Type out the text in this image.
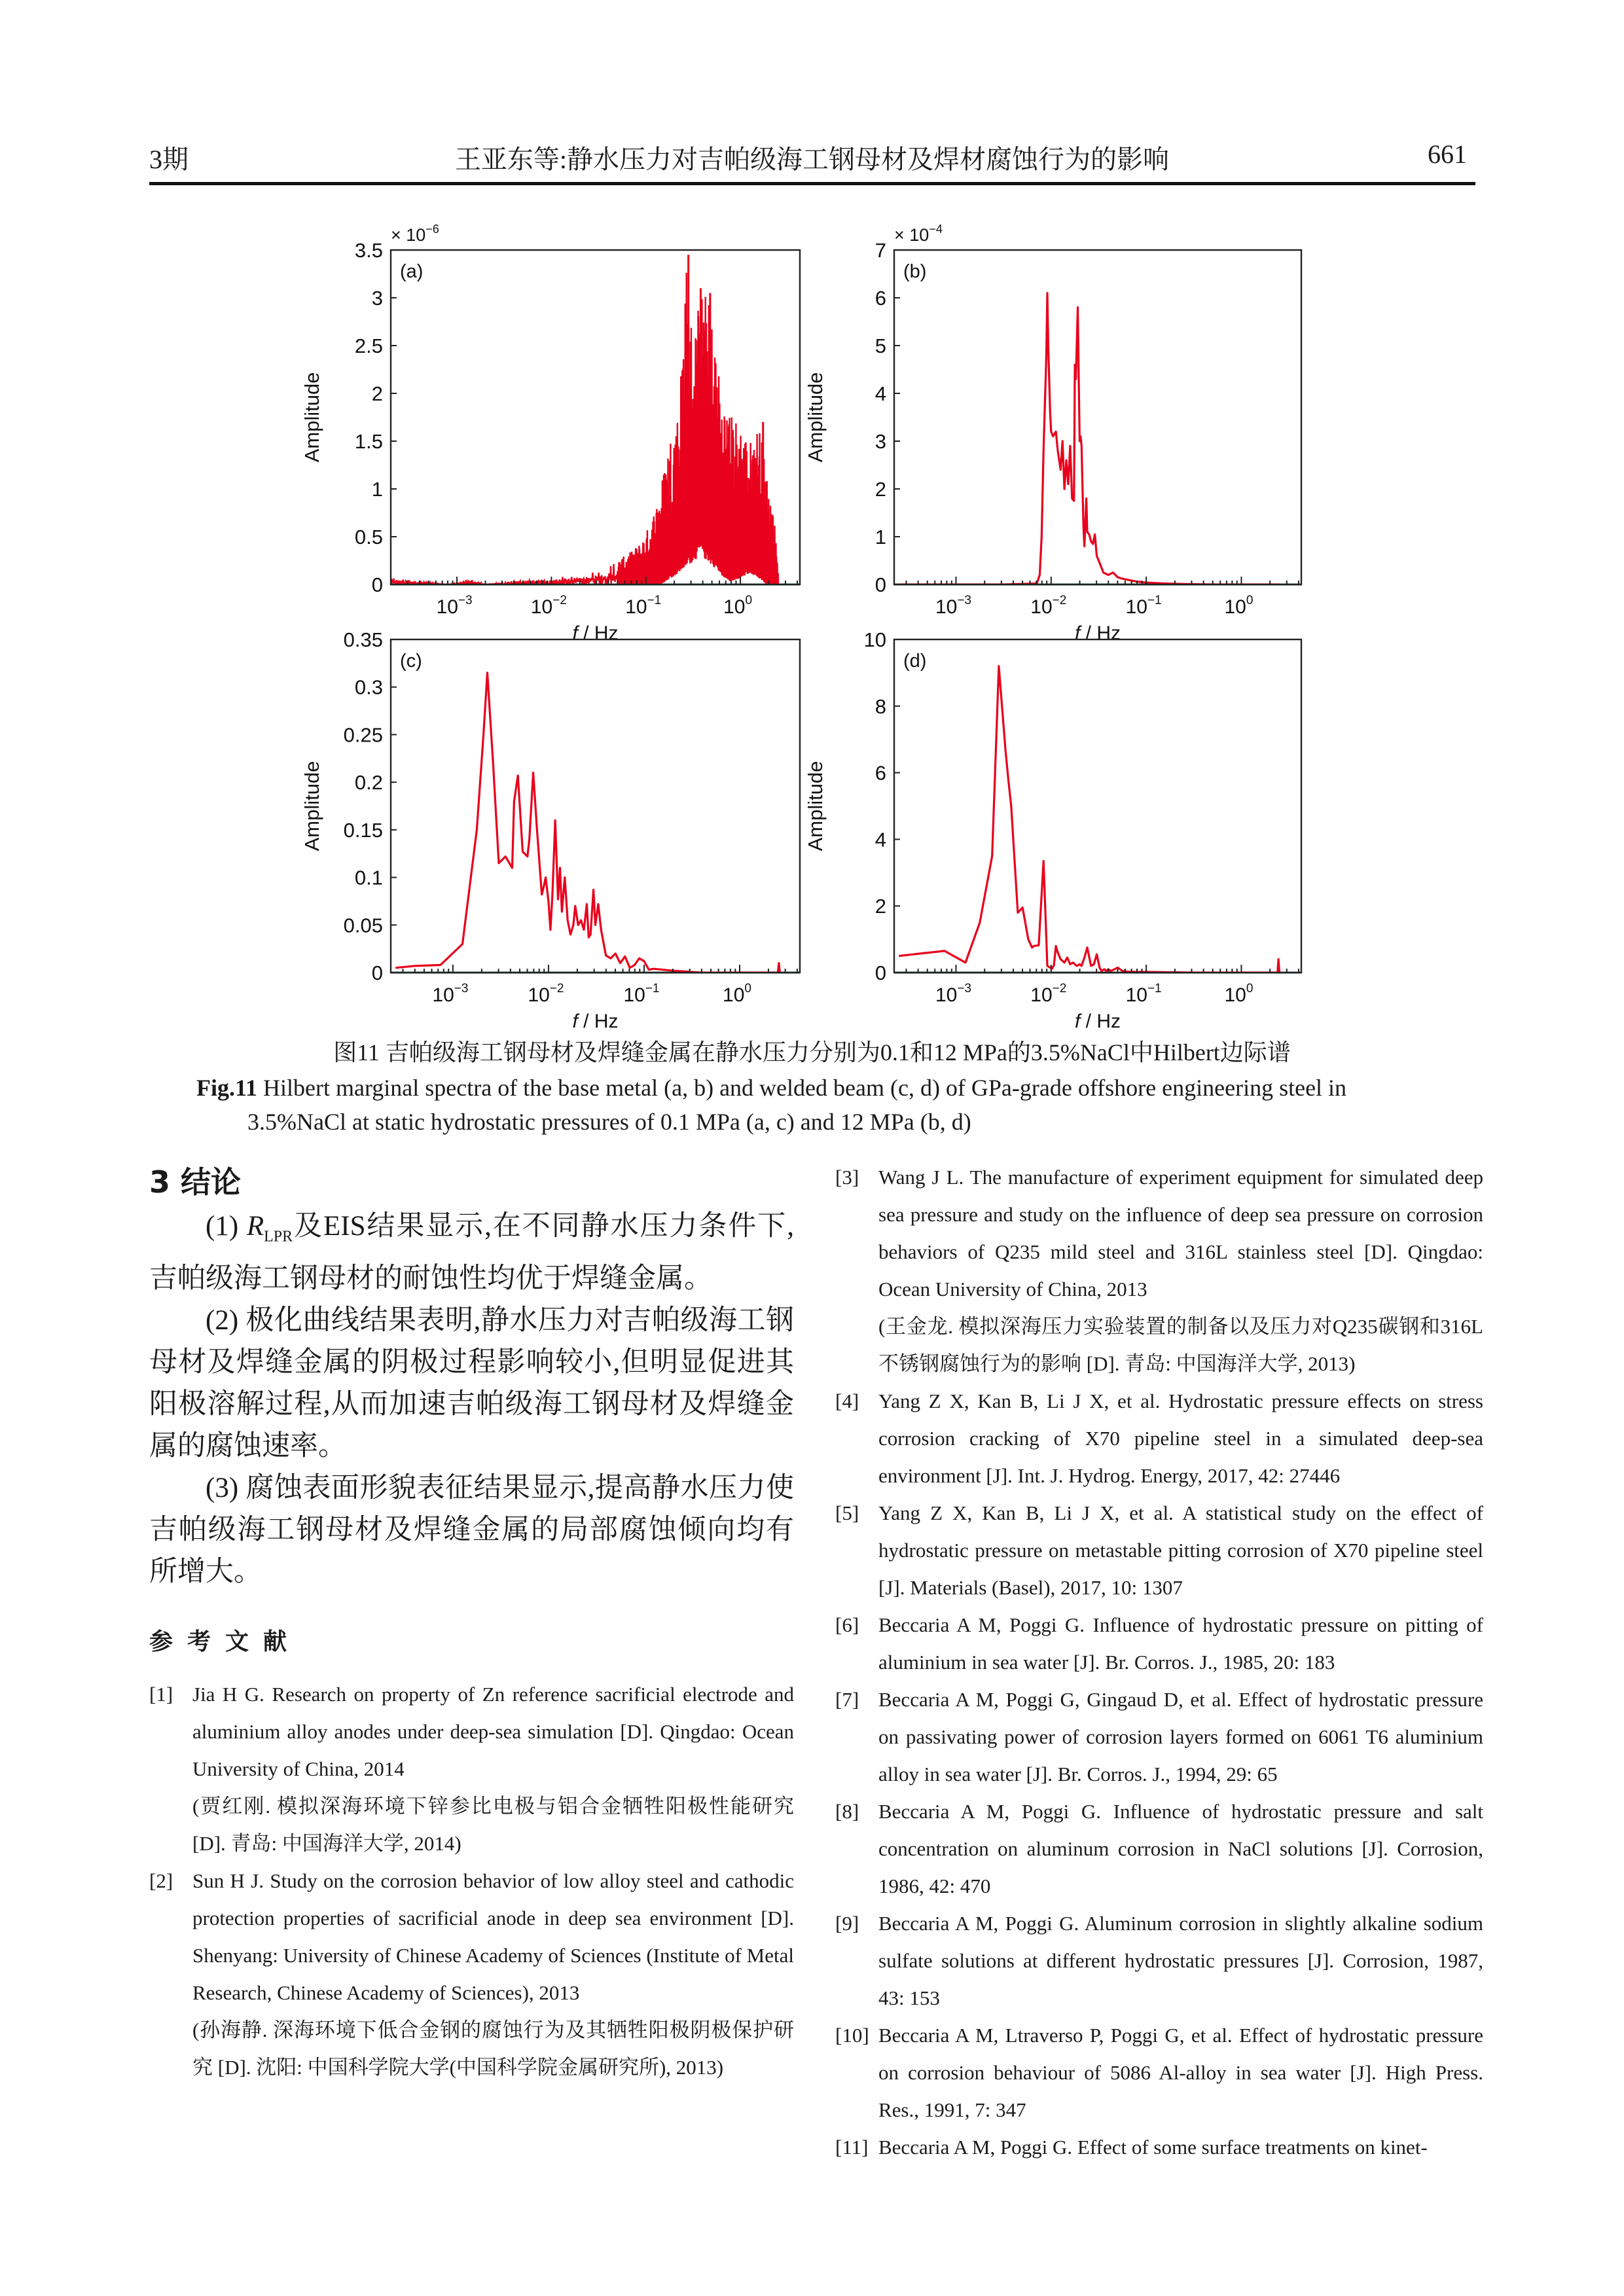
3期	王亚东等:静水压力对吉帕级海工钢母材及焊材腐蚀行为的影响	661
0
0.5
1
1.5
2
2.5
3
3.5
$10^{-3}$	$10^{-2}$	$10^{-1}$	$10^0$
f / Hz
Amplitude
(a)
× $10^{-6}$
0
1
2
3
4
5
6
7
$10^{-3}$	$10^{-2}$	$10^{-1}$	$10^0$
f / Hz
Amplitude
(b)
× $10^{-4}$
0
0.05
0.1
0.15
0.2
0.25
0.3
0.35
$10^{-3}$	$10^{-2}$	$10^{-1}$	$10^0$
f / Hz
Amplitude
(c)
0
2
4
6
8
10
$10^{-3}$	$10^{-2}$	$10^{-1}$	$10^0$
f / Hz
Amplitude
(d)
图11 吉帕级海工钢母材及焊缝金属在静水压力分别为0.1和12 MPa的3.5%NaCl中Hilbert边际谱
Fig.11 Hilbert marginal spectra of the base metal (a, b) and welded beam (c, d) of GPa-grade offshore engineering steel in 3.5%NaCl at static hydrostatic pressures of 0.1 MPa (a, c) and 12 MPa (b, d)
3 结论

(1) $R_{LPR}$及EIS结果显示,在不同静水压力条件下,吉帕级海工钢母材的耐蚀性均优于焊缝金属。

(2) 极化曲线结果表明,静水压力对吉帕级海工钢母材及焊缝金属的阴极过程影响较小,但明显促进其阳极溶解过程,从而加速吉帕级海工钢母材及焊缝金属的腐蚀速率。

(3) 腐蚀表面形貌表征结果显示,提高静水压力使吉帕级海工钢母材及焊缝金属的局部腐蚀倾向均有所增大。

参考文献
[1] Jia H G. Research on property of Zn reference sacrificial electrode and aluminium alloy anodes under deep-sea simulation [D]. Qingdao: Ocean University of China, 2014
(贾红刚. 模拟深海环境下锌参比电极与铝合金牺牲阳极性能研究 [D]. 青岛: 中国海洋大学, 2014)
[2] Sun H J. Study on the corrosion behavior of low alloy steel and cathodic protection properties of sacrificial anode in deep sea environment [D]. Shenyang: University of Chinese Academy of Sciences (Institute of Metal Research, Chinese Academy of Sciences), 2013
(孙海静. 深海环境下低合金钢的腐蚀行为及其牺牲阳极阴极保护研究 [D]. 沈阳: 中国科学院大学(中国科学院金属研究所), 2013)
[3] Wang J L. The manufacture of experiment equipment for simulated deep sea pressure and study on the influence of deep sea pressure on corrosion behaviors of Q235 mild steel and 316L stainless steel [D]. Qingdao: Ocean University of China, 2013
(王金龙. 模拟深海压力实验装置的制备以及压力对Q235碳钢和316L不锈钢腐蚀行为的影响 [D]. 青岛: 中国海洋大学, 2013)
[4] Yang Z X, Kan B, Li J X, et al. Hydrostatic pressure effects on stress corrosion cracking of X70 pipeline steel in a simulated deep-sea environment [J]. Int. J. Hydrog. Energy, 2017, 42: 27446
[5] Yang Z X, Kan B, Li J X, et al. A statistical study on the effect of hydrostatic pressure on metastable pitting corrosion of X70 pipeline steel [J]. Materials (Basel), 2017, 10: 1307
[6] Beccaria A M, Poggi G. Influence of hydrostatic pressure on pitting of aluminium in sea water [J]. Br. Corros. J., 1985, 20: 183
[7] Beccaria A M, Poggi G, Gingaud D, et al. Effect of hydrostatic pressure on passivating power of corrosion layers formed on 6061 T6 aluminium alloy in sea water [J]. Br. Corros. J., 1994, 29: 65
[8] Beccaria A M, Poggi G. Influence of hydrostatic pressure and salt concentration on aluminum corrosion in NaCl solutions [J]. Corrosion, 1986, 42: 470
[9] Beccaria A M, Poggi G. Aluminum corrosion in slightly alkaline sodium sulfate solutions at different hydrostatic pressures [J]. Corrosion, 1987, 43: 153
[10] Beccaria A M, Ltraverso P, Poggi G, et al. Effect of hydrostatic pressure on corrosion behaviour of 5086 Al-alloy in sea water [J]. High Press. Res., 1991, 7: 347
[11] Beccaria A M, Poggi G. Effect of some surface treatments on kinet-
